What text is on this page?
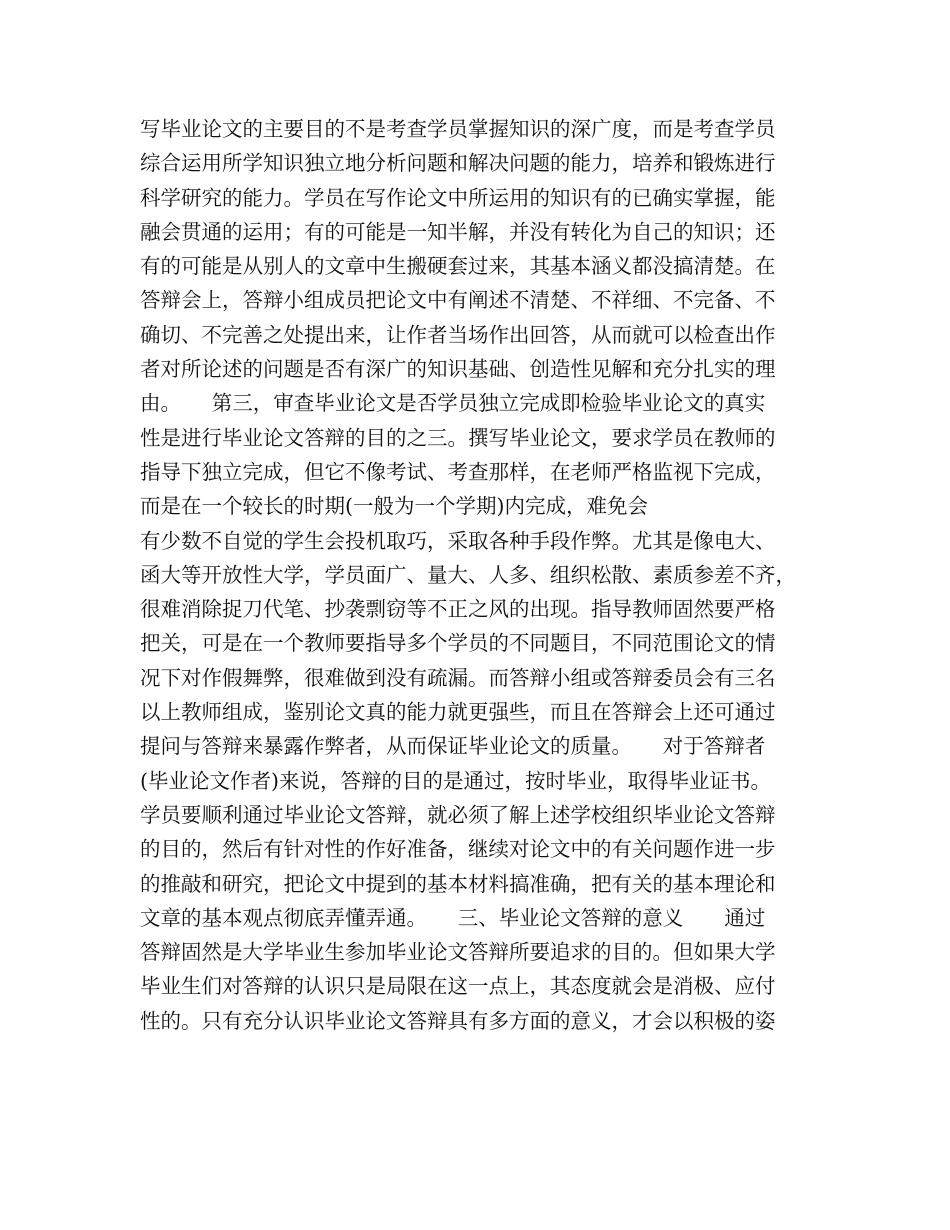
写毕业论文的主要目的不是考查学员掌握知识的深广度，而是考查学员
综合运用所学知识独立地分析问题和解决问题的能力，培养和锻炼进行
科学研究的能力。学员在写作论文中所运用的知识有的已确实掌握，能
融会贯通的运用；有的可能是一知半解，并没有转化为自己的知识；还
有的可能是从别人的文章中生搬硬套过来，其基本涵义都没搞清楚。在
答辩会上，答辩小组成员把论文中有阐述不清楚、不祥细、不完备、不
确切、不完善之处提出来，让作者当场作出回答，从而就可以检查出作
者对所论述的问题是否有深广的知识基础、创造性见解和充分扎实的理
由。　　第三，审查毕业论文是否学员独立完成即检验毕业论文的真实
性是进行毕业论文答辩的目的之三。撰写毕业论文，要求学员在教师的
指导下独立完成，但它不像考试、考查那样，在老师严格监视下完成，
而是在一个较长的时期(一般为一个学期)内完成，难免会
有少数不自觉的学生会投机取巧，采取各种手段作弊。尤其是像电大、
函大等开放性大学，学员面广、量大、人多、组织松散、素质参差不齐，
很难消除捉刀代笔、抄袭剽窃等不正之风的出现。指导教师固然要严格
把关，可是在一个教师要指导多个学员的不同题目，不同范围论文的情
况下对作假舞弊，很难做到没有疏漏。而答辩小组或答辩委员会有三名
以上教师组成，鉴别论文真的能力就更强些，而且在答辩会上还可通过
提问与答辩来暴露作弊者，从而保证毕业论文的质量。　　对于答辩者
(毕业论文作者)来说，答辩的目的是通过，按时毕业，取得毕业证书。
学员要顺利通过毕业论文答辩，就必须了解上述学校组织毕业论文答辩
的目的，然后有针对性的作好准备，继续对论文中的有关问题作进一步
的推敲和研究，把论文中提到的基本材料搞准确，把有关的基本理论和
文章的基本观点彻底弄懂弄通。　　三、毕业论文答辩的意义　　通过
答辩固然是大学毕业生参加毕业论文答辩所要追求的目的。但如果大学
毕业生们对答辩的认识只是局限在这一点上，其态度就会是消极、应付
性的。只有充分认识毕业论文答辩具有多方面的意义，才会以积极的姿
